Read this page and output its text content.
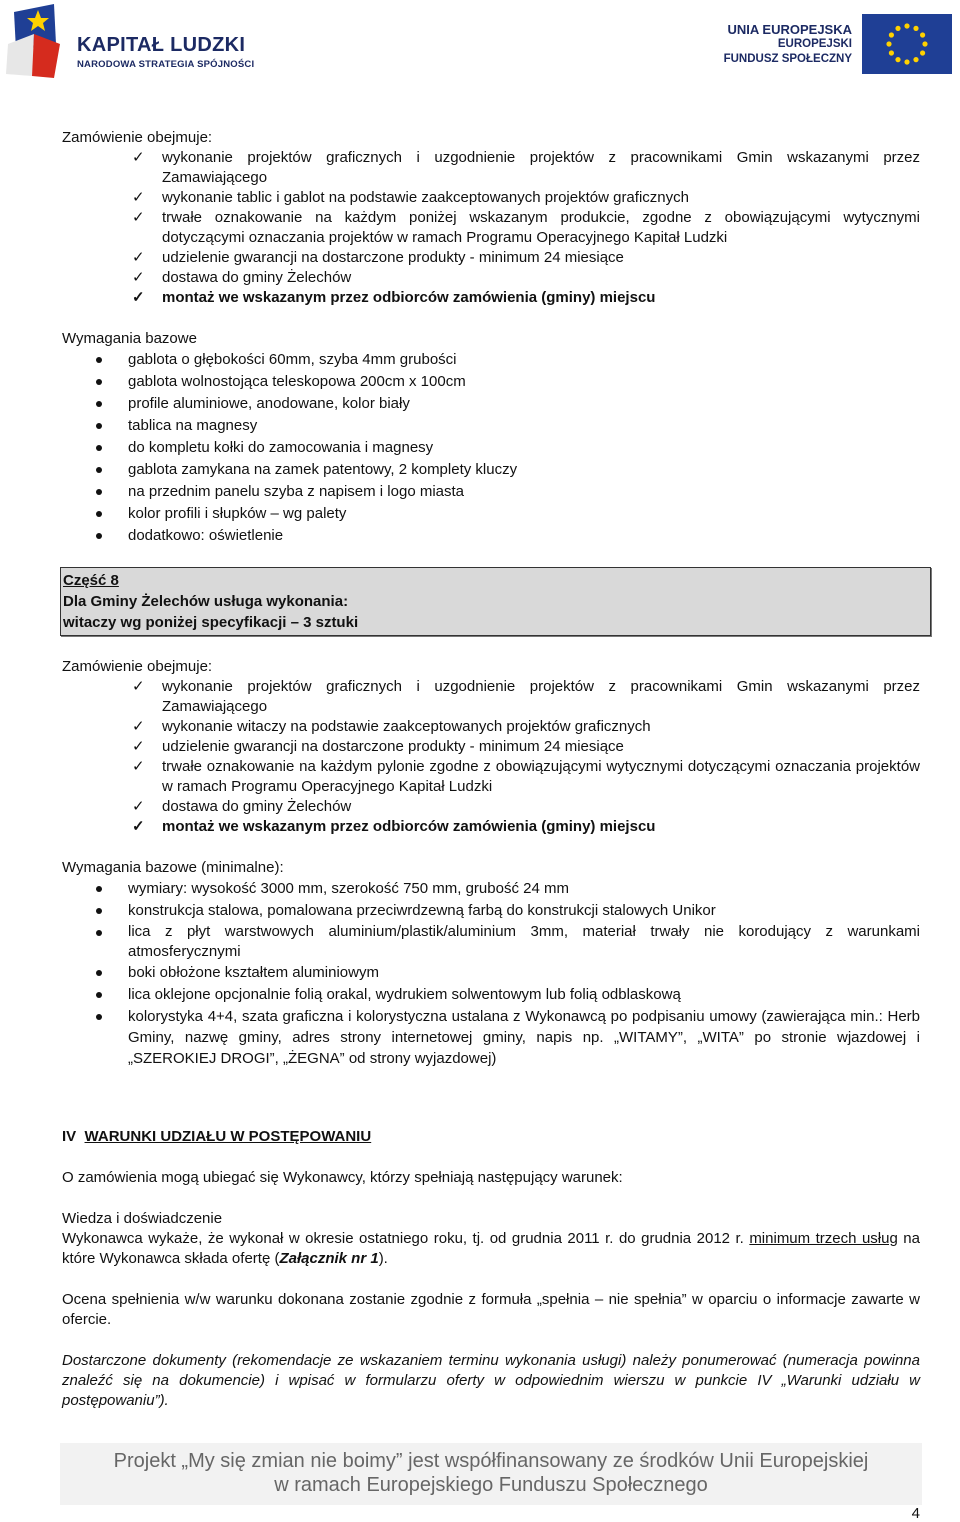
KAPITAŁ LUDZKI
NARODOWA STRATEGIA SPÓJNOŚCI
UNIA EUROPEJSKA
EUROPEJSKI
FUNDUSZ SPOŁECZNY

Zamówienie obejmuje:

✓ wykonanie projektów graficznych i uzgodnienie projektów z pracownikami Gmin wskazanymi przez Zamawiającego
✓ wykonanie tablic i gablot na podstawie zaakceptowanych projektów graficznych
✓ trwałe oznakowanie na każdym poniżej wskazanym produkcie, zgodne z obowiązującymi wytycznymi dotyczącymi oznaczania projektów w ramach Programu Operacyjnego Kapitał Ludzki
✓ udzielenie gwarancji na dostarczone produkty - minimum 24 miesiące
✓ dostawa do gminy Żelechów
✓ montaż we wskazanym przez odbiorców zamówienia (gminy) miejscu

Wymagania bazowe

gablota o głębokości 60mm, szyba 4mm grubości
gablota wolnostojąca teleskopowa 200cm x 100cm
profile aluminiowe, anodowane, kolor biały
tablica na magnesy
do kompletu kołki do zamocowania i magnesy
gablota zamykana na zamek patentowy, 2 komplety kluczy
na przednim panelu szyba z napisem i logo miasta
kolor profili i słupków – wg palety
dodatkowo: oświetlenie
Część 8
Dla Gminy Żelechów usługa wykonania:
witaczy wg poniżej specyfikacji – 3 sztuki

Zamówienie obejmuje:

✓ wykonanie projektów graficznych i uzgodnienie projektów z pracownikami Gmin wskazanymi przez Zamawiającego
✓ wykonanie witaczy na podstawie zaakceptowanych projektów graficznych
✓ udzielenie gwarancji na dostarczone produkty - minimum 24 miesiące
✓ trwałe oznakowanie na każdym pylonie zgodne z obowiązującymi wytycznymi dotyczącymi oznaczania projektów w ramach Programu Operacyjnego Kapitał Ludzki
✓ dostawa do gminy Żelechów
✓ montaż we wskazanym przez odbiorców zamówienia (gminy) miejscu

Wymagania bazowe (minimalne):

wymiary: wysokość 3000 mm, szerokość 750 mm, grubość 24 mm
konstrukcja stalowa, pomalowana przeciwrdzewną farbą do konstrukcji stalowych Unikor
lica z płyt warstwowych aluminium/plastik/aluminium 3mm, materiał trwały nie korodujący z warunkami atmosferycznymi
boki obłożone kształtem aluminiowym
lica oklejone opcjonalnie folią orakal, wydrukiem solwentowym lub folią odblaskową
kolorystyka 4+4, szata graficzna i kolorystyczna ustalana z Wykonawcą po podpisaniu umowy (zawierająca min.: Herb Gminy, nazwę gminy, adres strony internetowej gminy, napis np. „WITAMY”, „WITA” po stronie wjazdowej i „SZEROKIEJ DROGI”, „ŻEGNA” od strony wyjazdowej)

IV WARUNKI UDZIAŁU W POSTĘPOWANIU

O zamówienia mogą ubiegać się Wykonawcy, którzy spełniają następujący warunek:

Wiedza i doświadczenie

Wykonawca wykaże, że wykonał w okresie ostatniego roku, tj. od grudnia 2011 r. do grudnia 2012 r. minimum trzech usług na które Wykonawca składa ofertę (Załącznik nr 1).

Ocena spełnienia w/w warunku dokonana zostanie zgodnie z formuła „spełnia – nie spełnia” w oparciu o informacje zawarte w ofercie.

Dostarczone dokumenty (rekomendacje ze wskazaniem terminu wykonania usługi) należy ponumerować (numeracja powinna znaleźć się na dokumencie) i wpisać w formularzu oferty w odpowiednim wierszu w punkcie IV „Warunki udziału w postępowaniu”).

Projekt „My się zmian nie boimy” jest współfinansowany ze środków Unii Europejskiej
w ramach Europejskiego Funduszu Społecznego
4
